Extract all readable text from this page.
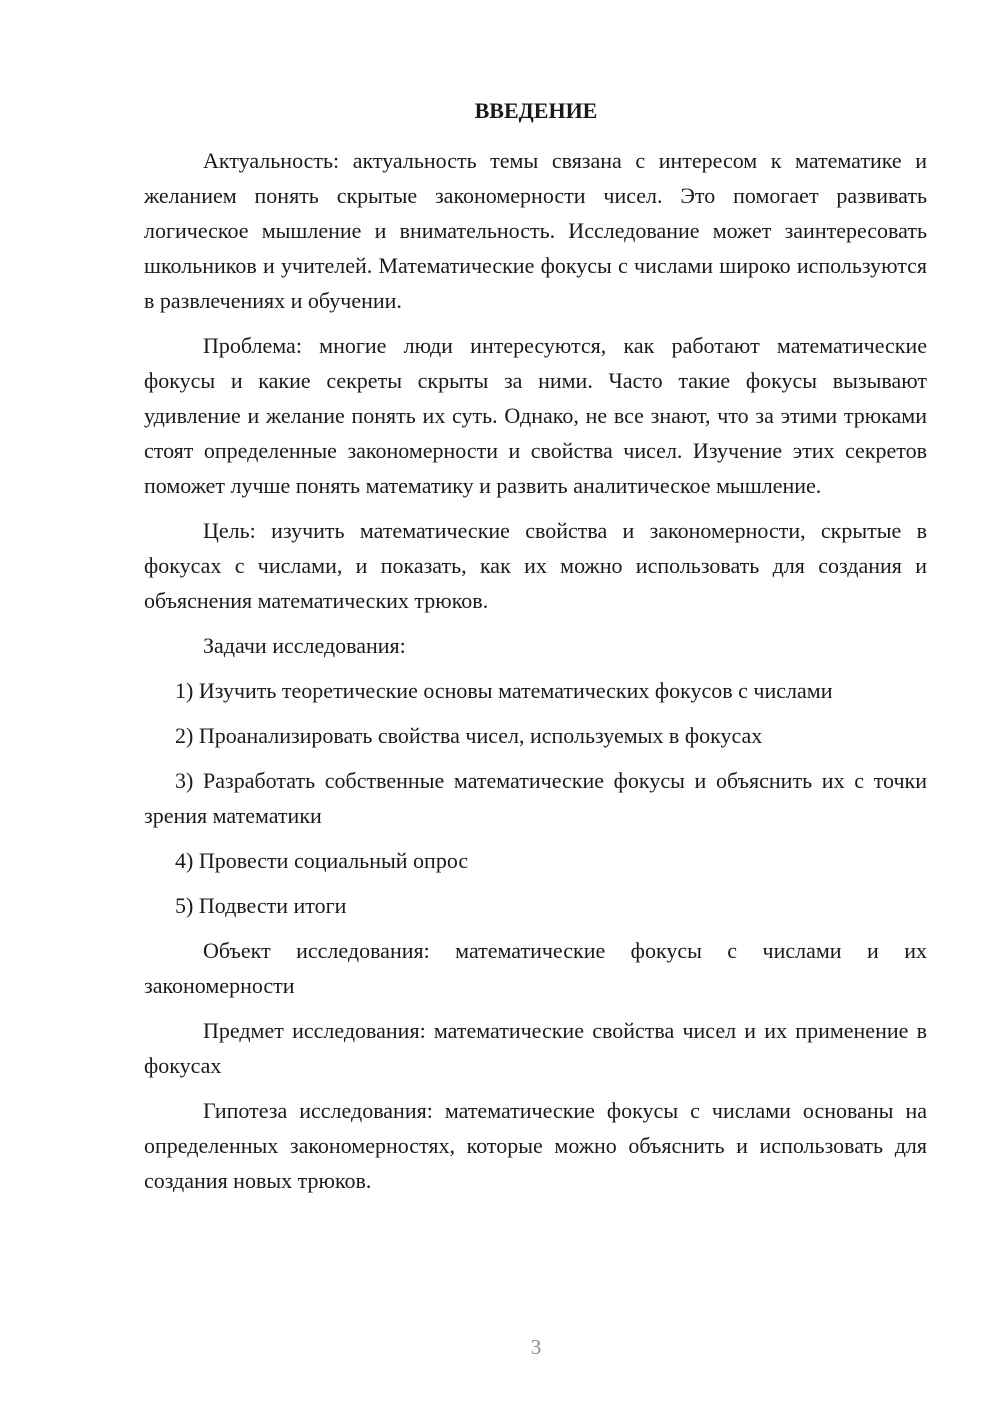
ВВЕДЕНИЕ

Актуальность: актуальность темы связана с интересом к математике и желанием понять скрытые закономерности чисел. Это помогает развивать логическое мышление и внимательность. Исследование может заинтересовать школьников и учителей. Математические фокусы с числами широко используются в развлечениях и обучении.

Проблема: многие люди интересуются, как работают математические фокусы и какие секреты скрыты за ними. Часто такие фокусы вызывают удивление и желание понять их суть. Однако, не все знают, что за этими трюками стоят определенные закономерности и свойства чисел. Изучение этих секретов поможет лучше понять математику и развить аналитическое мышление.

Цель: изучить математические свойства и закономерности, скрытые в фокусах с числами, и показать, как их можно использовать для создания и объяснения математических трюков.

Задачи исследования:

1) Изучить теоретические основы математических фокусов с числами

2) Проанализировать свойства чисел, используемых в фокусах

3) Разработать собственные математические фокусы и объяснить их с точки зрения математики

4) Провести социальный опрос

5) Подвести итоги

Объект исследования: математические фокусы с числами и их закономерности

Предмет исследования: математические свойства чисел и их применение в фокусах

Гипотеза исследования: математические фокусы с числами основаны на определенных закономерностях, которые можно объяснить и использовать для создания новых трюков.

3
